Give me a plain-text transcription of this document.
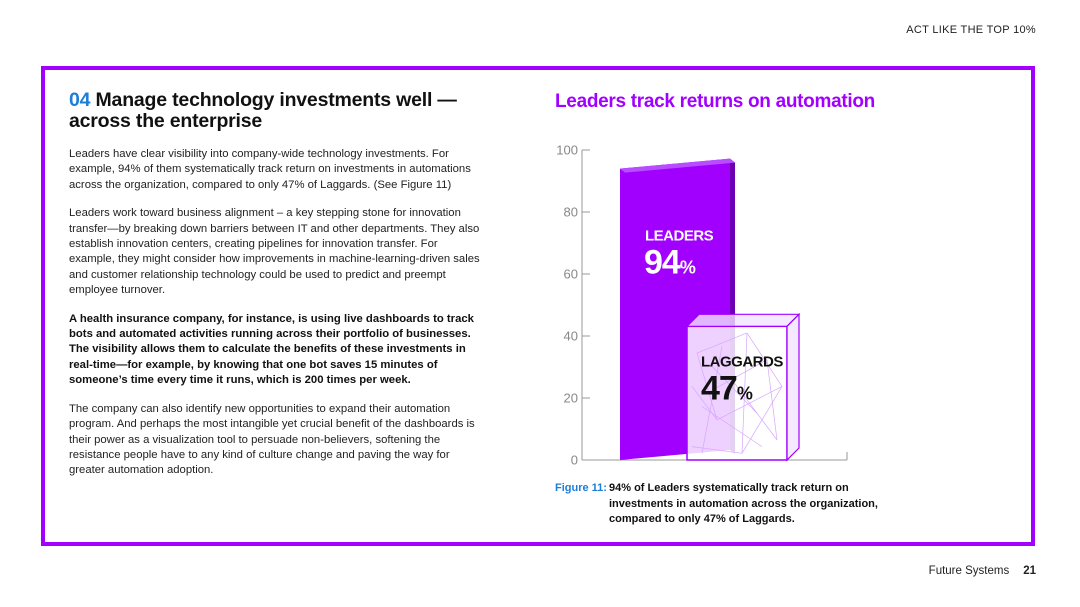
ACT LIKE THE TOP 10%
04 Manage technology investments well — across the enterprise

Leaders have clear visibility into company-wide technology investments. For example, 94% of them systematically track return on investments in automations across the organization, compared to only 47% of Laggards. (See Figure 11)

Leaders work toward business alignment – a key stepping stone for innovation transfer—by breaking down barriers between IT and other departments. They also establish innovation centers, creating pipelines for innovation transfer. For example, they might consider how improvements in machine-learning-driven sales and customer relationship technology could be used to predict and preempt employee turnover.

A health insurance company, for instance, is using live dashboards to track bots and automated activities running across their portfolio of businesses. The visibility allows them to calculate the benefits of these investments in real-time—for example, by knowing that one bot saves 15 minutes of someone’s time every time it runs, which is 200 times per week.

The company can also identify new opportunities to expand their automation program. And perhaps the most intangible yet crucial benefit of the dashboards is their power as a visualization tool to persuade non-believers, softening the resistance people have to any kind of culture change and paving the way for greater automation adoption.

Leaders track returns on automation
0
20
40
60
80
100
LEADERS
94%
LAGGARDS
47%
Figure 11: 94% of Leaders systematically track return on investments in automation across the organization, compared to only 47% of Laggards.
Future Systems 21
